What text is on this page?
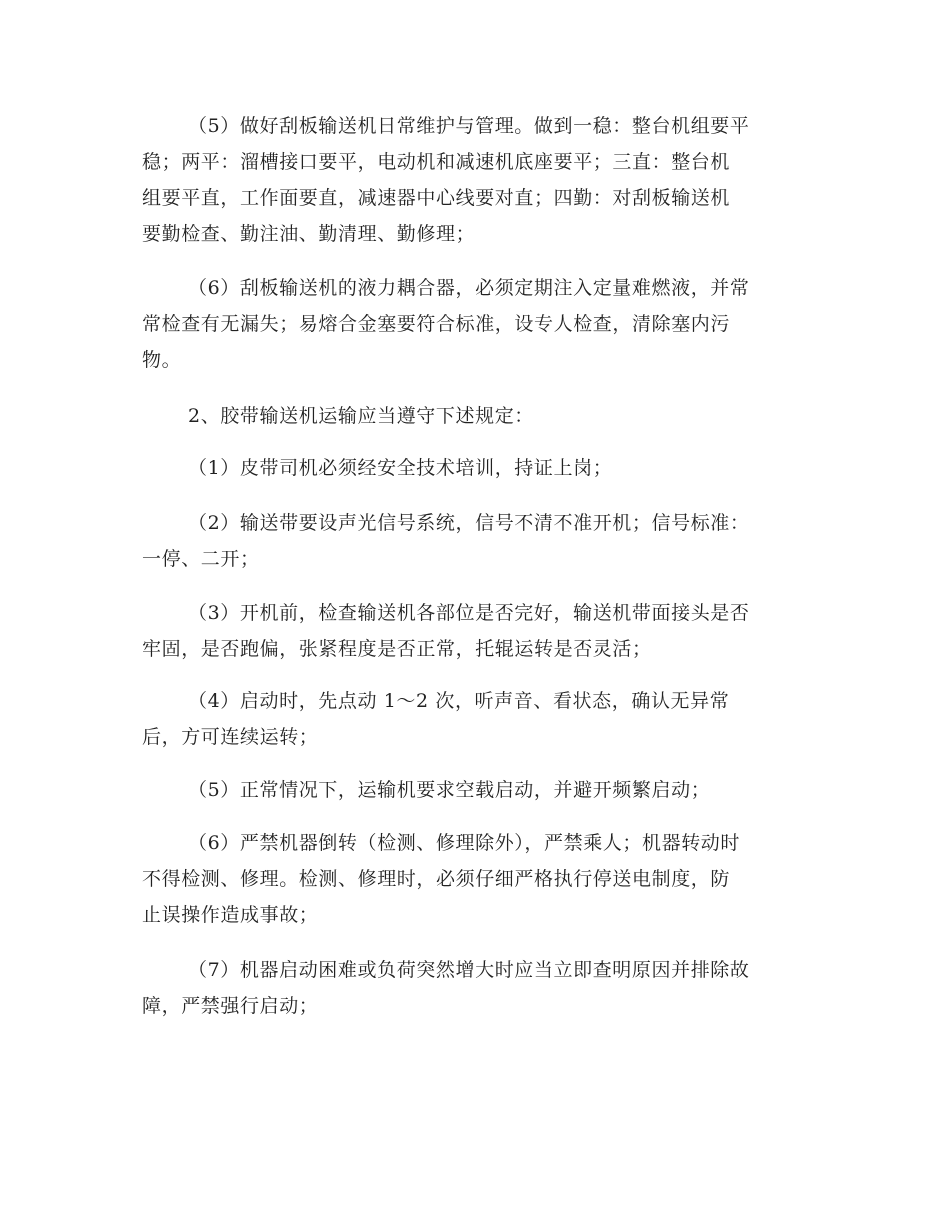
（5）做好刮板输送机日常维护与管理。做到一稳：整台机组要平
稳；两平：溜槽接口要平，电动机和减速机底座要平；三直：整台机
组要平直，工作面要直，减速器中心线要对直；四勤：对刮板输送机
要勤检查、勤注油、勤清理、勤修理；
（6）刮板输送机的液力耦合器，必须定期注入定量难燃液，并常
常检查有无漏失；易熔合金塞要符合标准，设专人检查，清除塞内污
物。
2、胶带输送机运输应当遵守下述规定：
（1）皮带司机必须经安全技术培训，持证上岗；
（2）输送带要设声光信号系统，信号不清不准开机；信号标准：
一停、二开；
（3）开机前，检查输送机各部位是否完好，输送机带面接头是否
牢固，是否跑偏，张紧程度是否正常，托辊运转是否灵活；
（4）启动时，先点动 1～2 次，听声音、看状态，确认无异常
后，方可连续运转；
（5）正常情况下，运输机要求空载启动，并避开频繁启动；
（6）严禁机器倒转（检测、修理除外），严禁乘人；机器转动时
不得检测、修理。检测、修理时，必须仔细严格执行停送电制度，防
止误操作造成事故；
（7）机器启动困难或负荷突然增大时应当立即查明原因并排除故
障，严禁强行启动；
